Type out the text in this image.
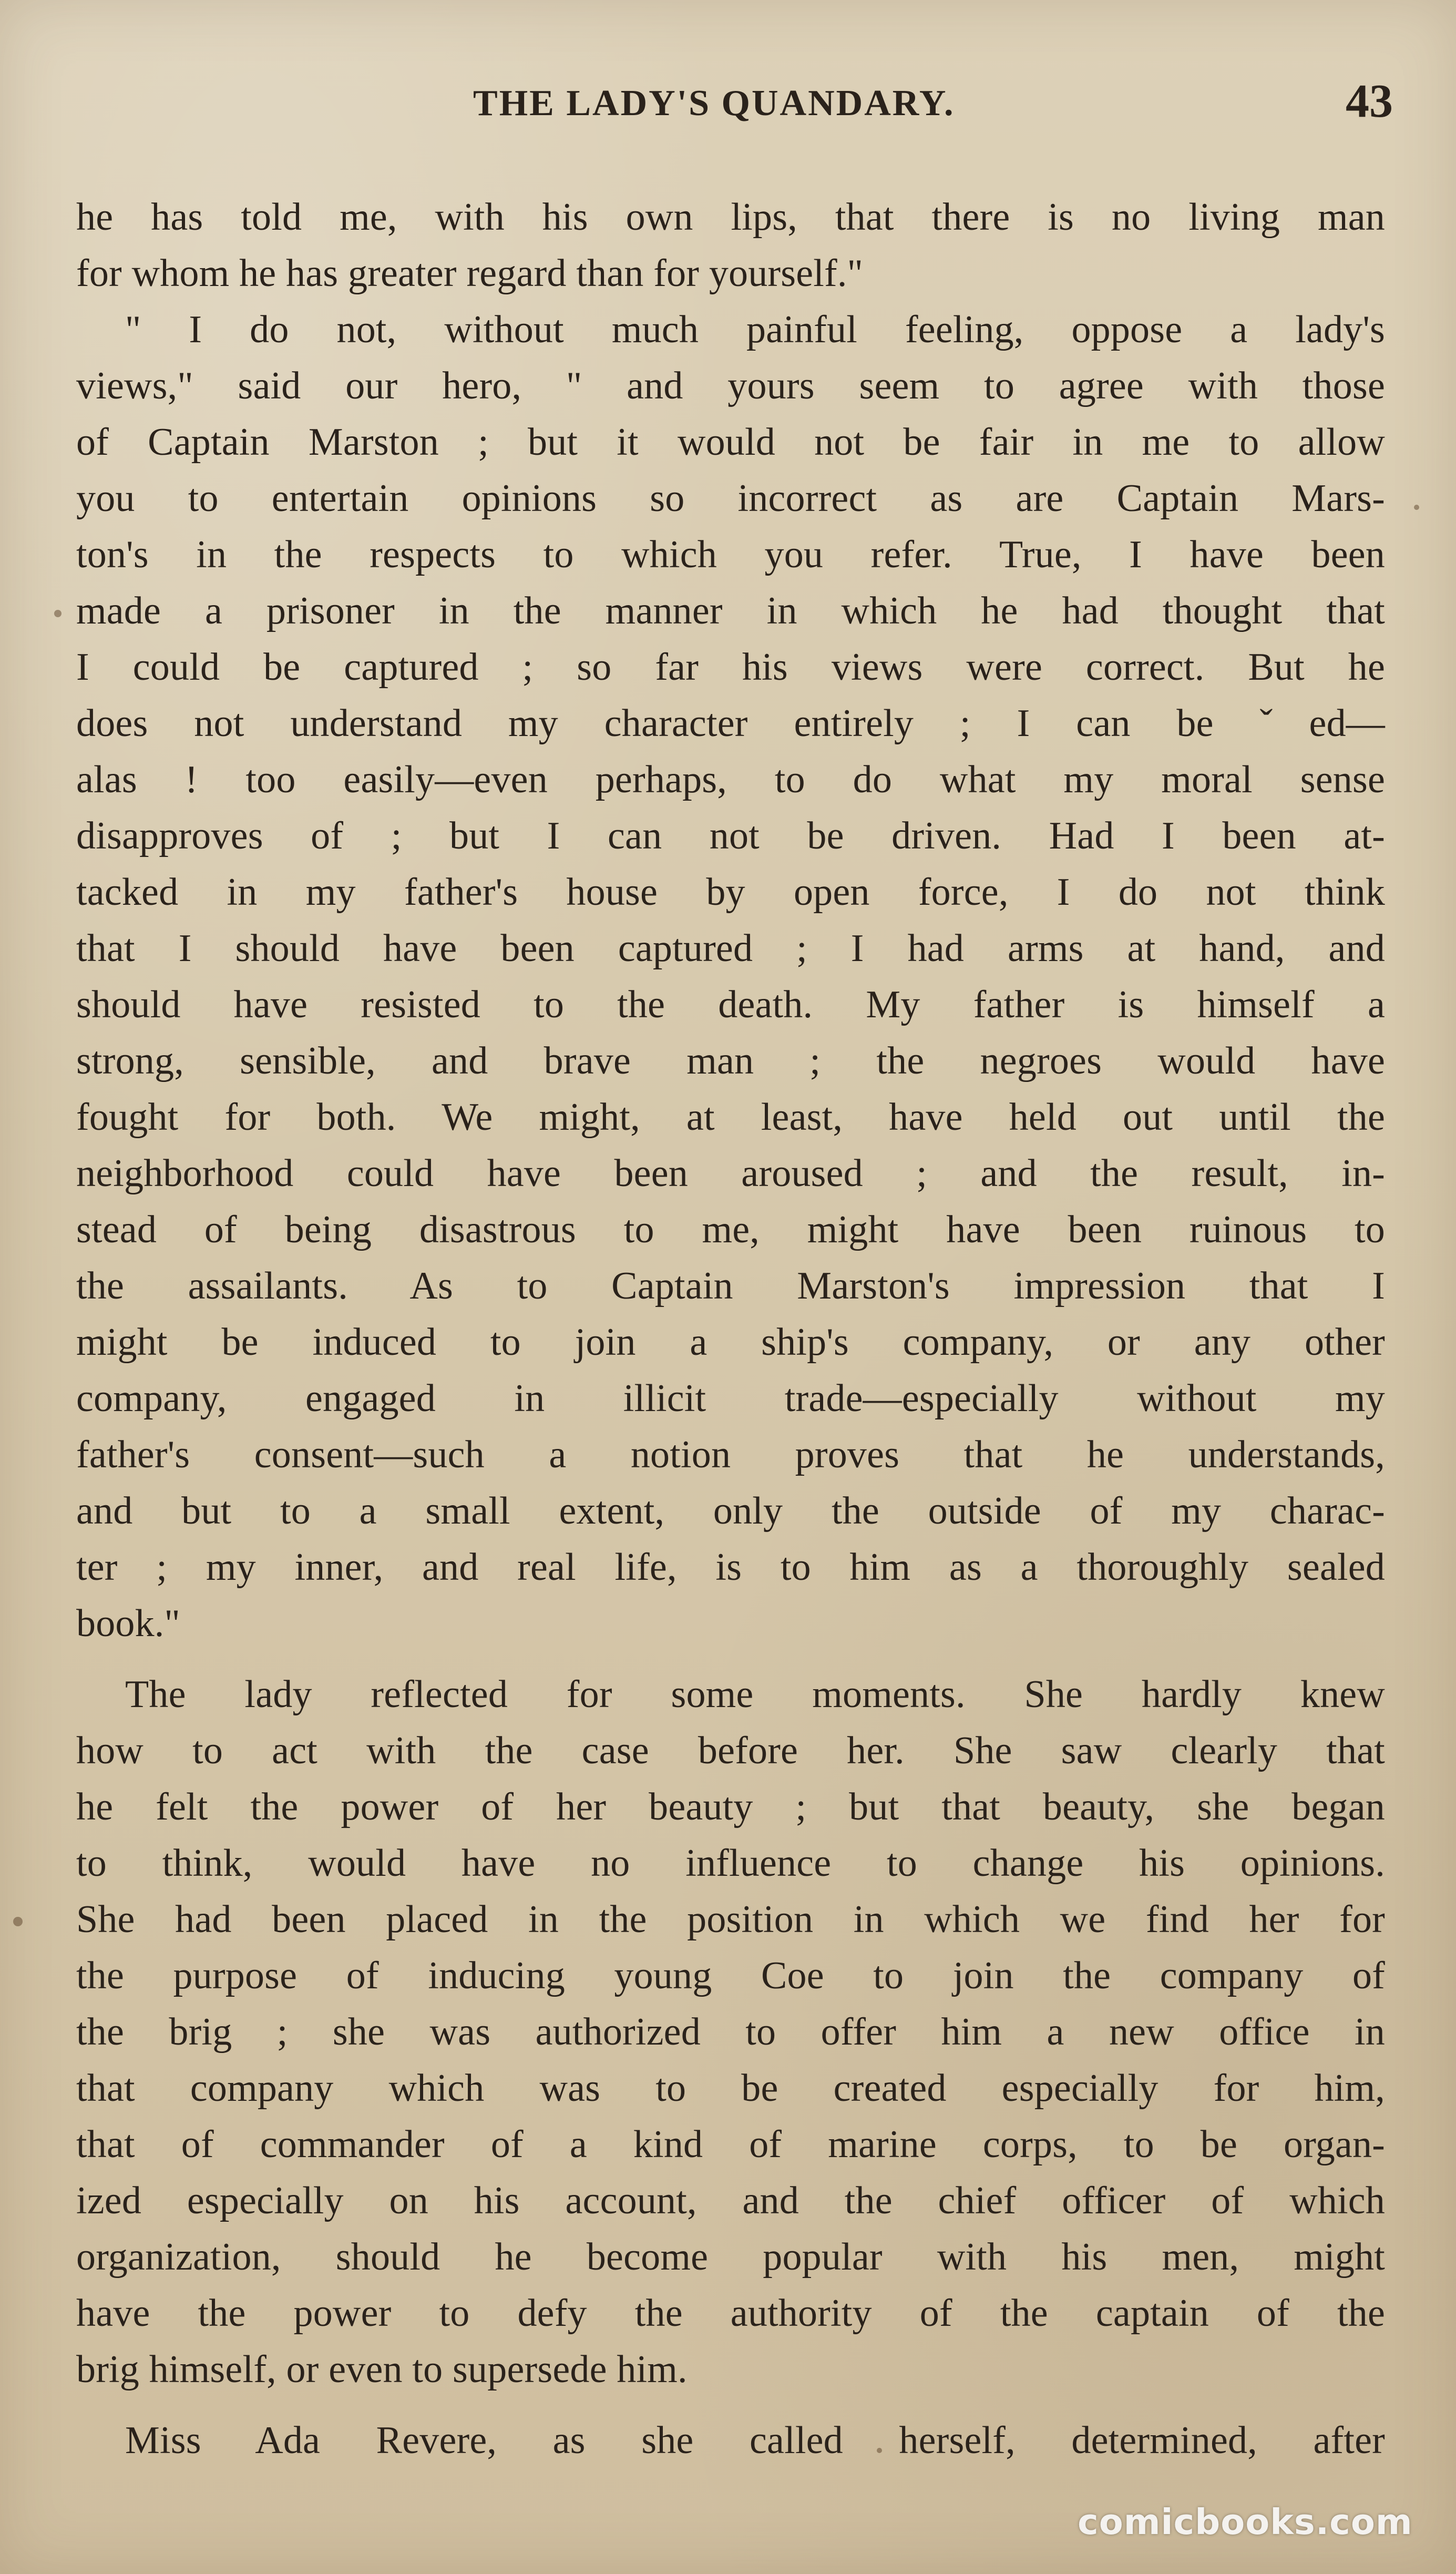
THE LADY'S QUANDARY.	43
he has told me, with his own lips, that there is no living man
for whom he has greater regard than for yourself."
" I do not, without much painful feeling, oppose a lady's
views," said our hero, " and yours seem to agree with those
of Captain Marston ; but it would not be fair in me to allow
you to entertain opinions so incorrect as are Captain Mars-
ton's in the respects to which you refer. True, I have been
made a prisoner in the manner in which he had thought that
I could be captured ; so far his views were correct. But he
does not understand my character entirely ; I can be ˇed—
alas ! too easily—even perhaps, to do what my moral sense
disapproves of ; but I can not be driven. Had I been at-
tacked in my father's house by open force, I do not think
that I should have been captured ; I had arms at hand, and
should have resisted to the death. My father is himself a
strong, sensible, and brave man ; the negroes would have
fought for both. We might, at least, have held out until the
neighborhood could have been aroused ; and the result, in-
stead of being disastrous to me, might have been ruinous to
the assailants. As to Captain Marston's impression that I
might be induced to join a ship's company, or any other
company, engaged in illicit trade—especially without my
father's consent—such a notion proves that he understands,
and but to a small extent, only the outside of my charac-
ter ; my inner, and real life, is to him as a thoroughly sealed
book."
The lady reflected for some moments. She hardly knew
how to act with the case before her. She saw clearly that
he felt the power of her beauty ; but that beauty, she began
to think, would have no influence to change his opinions.
She had been placed in the position in which we find her for
the purpose of inducing young Coe to join the company of
the brig ; she was authorized to offer him a new office in
that company which was to be created especially for him,
that of commander of a kind of marine corps, to be organ-
ized especially on his account, and the chief officer of which
organization, should he become popular with his men, might
have the power to defy the authority of the captain of the
brig himself, or even to supersede him.
Miss Ada Revere, as she called herself, determined, after
comicbooks.com
